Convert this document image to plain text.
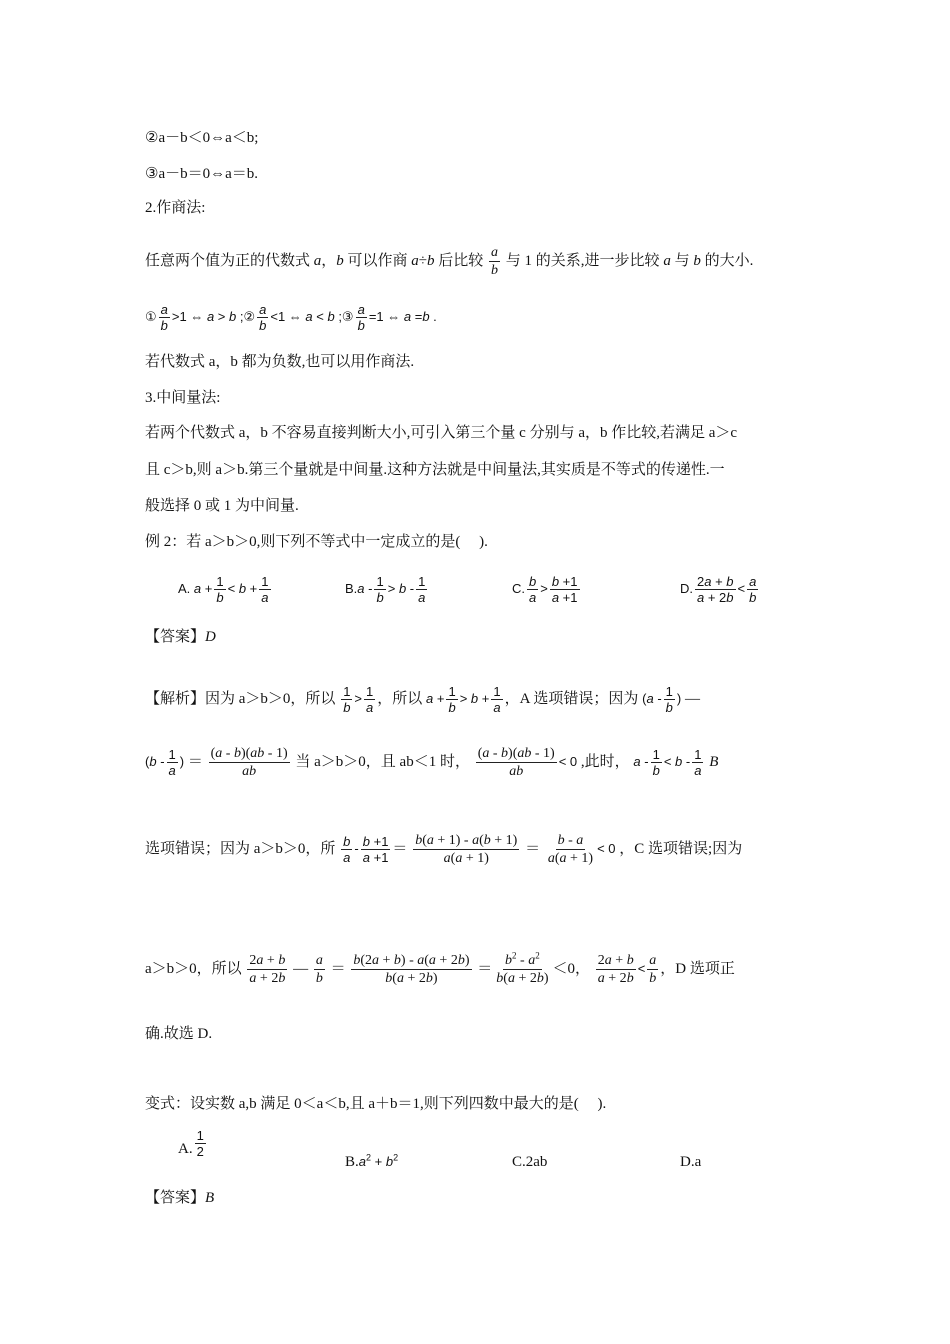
②a－b＜0⇔a＜b;
③a－b＝0⇔a＝b.
2.作商法:
任意两个值为正的代数式 a，b 可以作商 a÷b 后比较 $\frac{a}{b}$ 与 1 的关系,进一步比较 a 与 b 的大小.
① $\frac{a}{b} >1$ ⇔ a > b ;② $\frac{a}{b} <1$ ⇔ a < b ;③ $\frac{a}{b} =1$ ⇔ a =b .
若代数式 a，b 都为负数,也可以用作商法.
3.中间量法:
若两个代数式 a，b 不容易直接判断大小,可引入第三个量 c 分别与 a，b 作比较,若满足 a＞c
且 c＞b,则 a＞b.第三个量就是中间量.这种方法就是中间量法,其实质是不等式的传递性.一
般选择 0 或 1 为中间量.
例 2：若 a＞b＞0,则下列不等式中一定成立的是(　 ).
A. $a + \frac{1}{b} < b + \frac{1}{a}$	$B.a - \frac{1}{b} > b - \frac{1}{a}$	C. $\frac{b}{a} > \frac{b +1}{a +1}$	D. $\frac{2a + b}{a + 2b} < \frac{a}{b}$
【答案】D
【解析】因为 a＞b＞0，所以 $\frac{1}{b} > \frac{1}{a}$ ，所以 $a + \frac{1}{b} > b + \frac{1}{a}$ ，A 选项错误；因为 ($a - \frac{1}{b}$ ) —
($b - \frac{1}{a}$ ) ＝ $\frac{(a - b)(ab - 1)}{ab}$ 当 a＞b＞0，且 ab＜1 时， $\frac{(a - b)(ab - 1)}{ab} < 0$ ,此时， $a - \frac{1}{b} < b - \frac{1}{a}$ B
选项错误；因为 a＞b＞0，所 $\frac{b}{a} - \frac{b +1}{a +1} = \frac{b(a + 1) - a(b + 1)}{a(a + 1)} = \frac{b - a}{a(a + 1)} < 0$ ，C 选项错误;因为
a＞b＞0，所以 $\frac{2a + b}{a + 2b}$ — $\frac{a}{b} = \frac{b(2a + b) - a(a + 2b)}{b(a + 2b)} = \frac{b^2 - a^2}{b(a + 2b)} <0$， $\frac{2a + b}{a + 2b} < \frac{a}{b}$ ，D 选项正
确.故选 D.
变式：设实数 a,b 满足 0＜a＜b,且 a＋b＝1,则下列四数中最大的是(　 ).
A. $\frac{1}{2}$
$B.a^2 + b^2$	C.2ab	D.a
【答案】B
